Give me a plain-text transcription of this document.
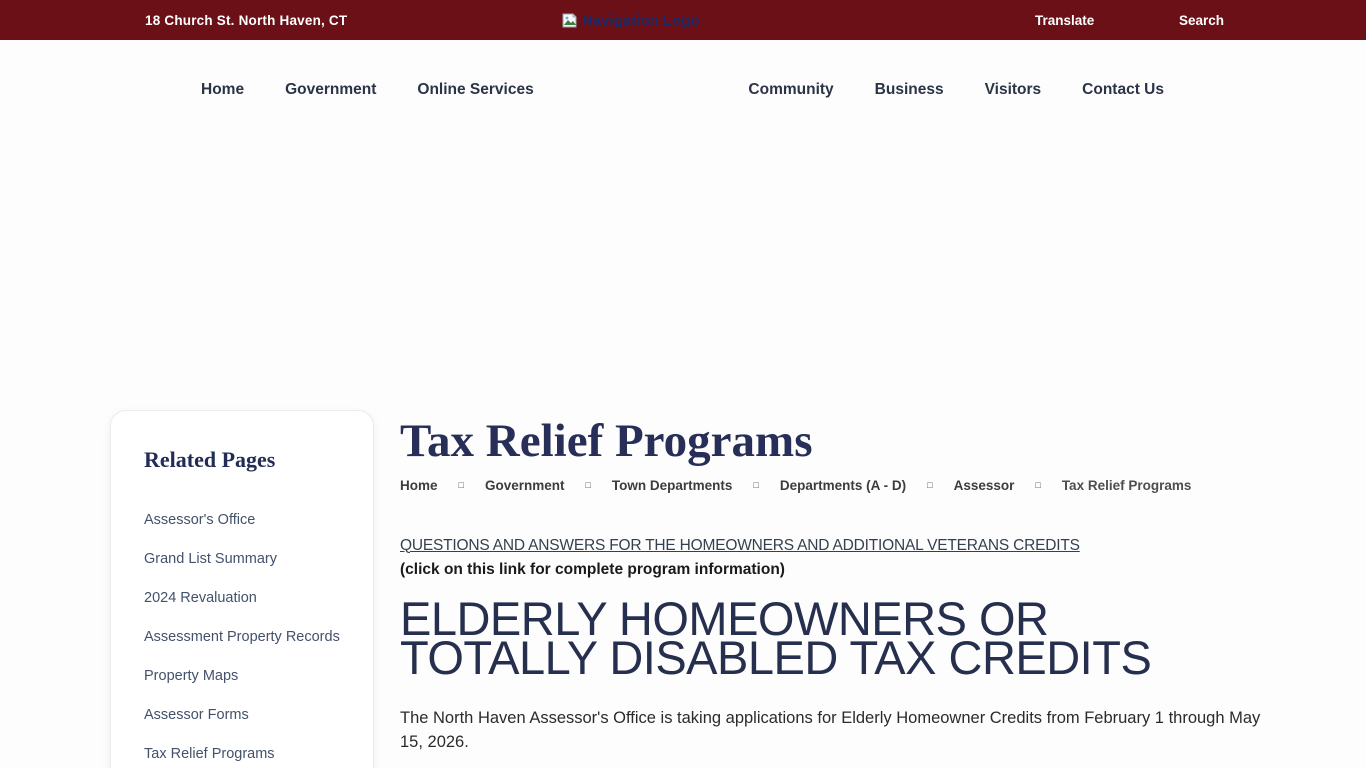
18 Church St. North Haven, CT	Navigation Logo	Translate	Search
Home	Government	Online Services	Community	Business	Visitors	Contact Us
Related Pages
Assessor's Office
Grand List Summary
2024 Revaluation
Assessment Property Records
Property Maps
Assessor Forms
Tax Relief Programs
Tax Relief Programs
Home □ Government □ Town Departments □ Departments (A - D) □ Assessor □ Tax Relief Programs
QUESTIONS AND ANSWERS FOR THE HOMEOWNERS AND ADDITIONAL VETERANS CREDITS
(click on this link for complete program information)
ELDERLY HOMEOWNERS OR
TOTALLY DISABLED TAX CREDITS

The North Haven Assessor's Office is taking applications for Elderly Homeowner Credits from February 1 through May 15, 2026.
